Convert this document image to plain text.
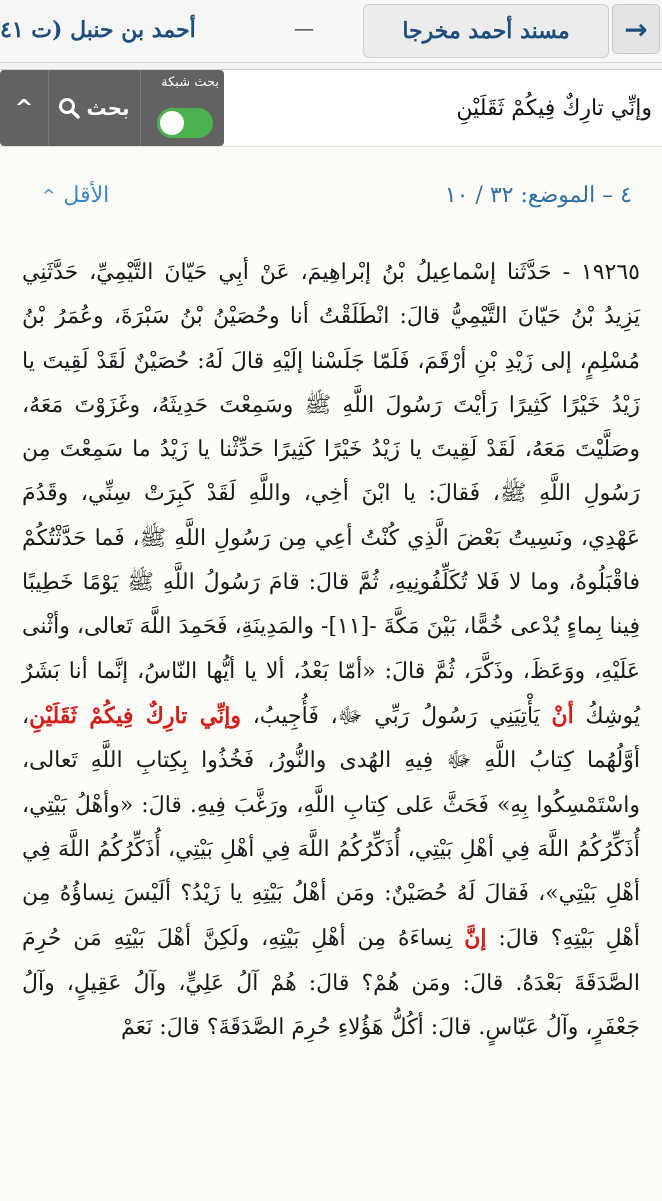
→
مسند أحمد مخرجا
—
أحمد بن حنبل (ت ٤١
^	بحث
بحث شبكة
وإنِّي تارِكٌ فِيكُمْ ثَقَلَيْنِ
٤ – الموضع: ٣٢ / ١٠
الأقل
^
١٩٢٦٥ - حَدَّثَنا إسْماعِيلُ بْنُ إبْراهِيمَ، عَنْ أبِي حَيّانَ التَّيْمِيِّ، حَدَّثَنِي يَزِيدُ بْنُ حَيّانَ التَّيْمِيُّ قالَ: انْطَلَقْتُ أنا وحُصَيْنُ بْنُ سَبْرَةَ، وعُمَرُ بْنُ مُسْلِمٍ، إلى زَيْدِ بْنِ أرْقَمَ، فَلَمّا جَلَسْنا إلَيْهِ قالَ لَهُ: حُصَيْنٌ لَقَدْ لَقِيتَ يا زَيْدُ خَيْرًا كَثِيرًا رَأيْتَ رَسُولَ اللَّهِ ﷺ وسَمِعْتَ حَدِيثَهُ، وغَزَوْتَ مَعَهُ، وصَلَّيْتَ مَعَهُ، لَقَدْ لَقِيتَ يا زَيْدُ خَيْرًا كَثِيرًا حَدِّثْنا يا زَيْدُ ما سَمِعْتَ مِن رَسُولِ اللَّهِ ﷺ، فَقالَ: يا ابْنَ أخِي، واللَّهِ لَقَدْ كَبِرَتْ سِنِّي، وقَدُمَ عَهْدِي، ونَسِيتُ بَعْضَ الَّذِي كُنْتُ أعِي مِن رَسُولِ اللَّهِ ﷺ، فَما حَدَّثْتُكُمْ فاقْبَلُوهُ، وما لا فَلا تُكَلِّفُونِيهِ، ثُمَّ قالَ: قامَ رَسُولُ اللَّهِ ﷺ يَوْمًا خَطِيبًا فِينا بِماءٍ يُدْعى خُمًّا، بَيْنَ مَكَّةَ -[١١]- والمَدِينَةِ، فَحَمِدَ اللَّهَ تَعالى، وأثْنى عَلَيْهِ، ووَعَظَ، وذَكَّرَ، ثُمَّ قالَ: «أمّا بَعْدُ، ألا يا أيُّها النّاسُ، إنَّما أنا بَشَرٌ يُوشِكُ أنْ يَأْتِيَنِي رَسُولُ رَبِّي ﷻ، فَأُجِيبُ، وإنِّي تارِكٌ فِيكُمْ ثَقَلَيْنِ، أوَّلُهُما كِتابُ اللَّهِ ﷻ فِيهِ الهُدى والنُّورُ، فَخُذُوا بِكِتابِ اللَّهِ تَعالى، واسْتَمْسِكُوا بِهِ» فَحَثَّ عَلى كِتابِ اللَّهِ، ورَغَّبَ فِيهِ. قالَ: «وأهْلُ بَيْتِي، أُذَكِّرُكُمُ اللَّهَ فِي أهْلِ بَيْتِي، أُذَكِّرُكُمُ اللَّهَ فِي أهْلِ بَيْتِي، أُذَكِّرُكُمُ اللَّهَ فِي أهْلِ بَيْتِي»، فَقالَ لَهُ حُصَيْنٌ: ومَن أهْلُ بَيْتِهِ يا زَيْدُ؟ ألَيْسَ نِساؤُهُ مِن أهْلِ بَيْتِهِ؟ قالَ: إنَّ نِساءَهُ مِن أهْلِ بَيْتِهِ، ولَكِنَّ أهْلَ بَيْتِهِ مَن حُرِمَ الصَّدَقَةَ بَعْدَهُ. قالَ: ومَن هُمْ؟ قالَ: هُمْ آلُ عَلِيٍّ، وآلُ عَقِيلٍ، وآلُ جَعْفَرٍ، وآلُ عَبّاسٍ. قالَ: أكُلُّ هَؤُلاءِ حُرِمَ الصَّدَقَةَ؟ قالَ: نَعَمْ
